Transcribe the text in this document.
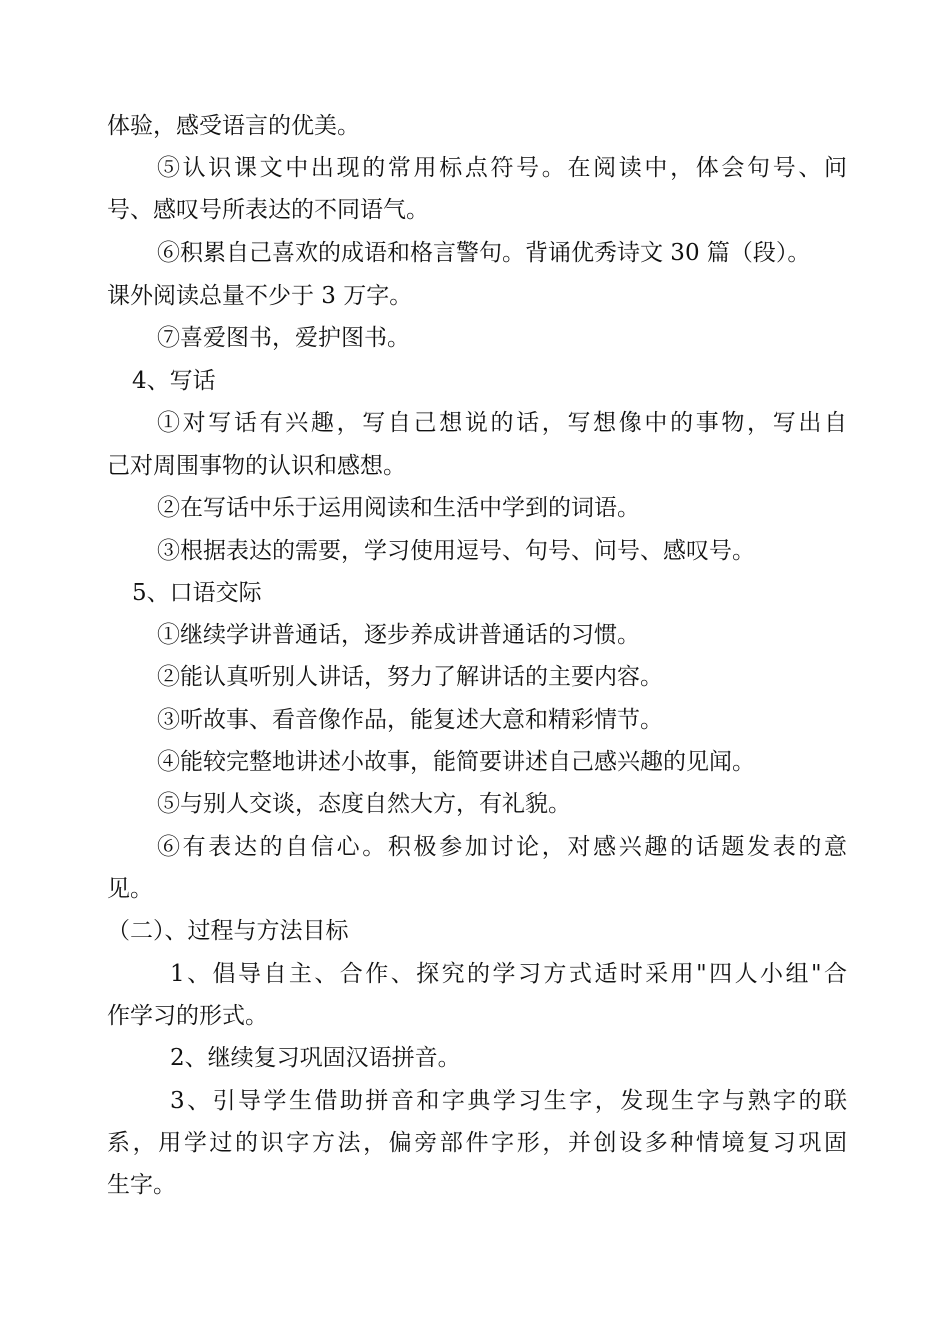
体验，感受语言的优美。
⑤认识课文中出现的常用标点符号。在阅读中，体会句号、问
号、感叹号所表达的不同语气。
⑥积累自己喜欢的成语和格言警句。背诵优秀诗文 30 篇（段）。
课外阅读总量不少于 3 万字。
⑦喜爱图书，爱护图书。
4、写话
①对写话有兴趣，写自己想说的话，写想像中的事物，写出自
己对周围事物的认识和感想。
②在写话中乐于运用阅读和生活中学到的词语。
③根据表达的需要，学习使用逗号、句号、问号、感叹号。
5、口语交际
①继续学讲普通话，逐步养成讲普通话的习惯。
②能认真听别人讲话，努力了解讲话的主要内容。
③听故事、看音像作品，能复述大意和精彩情节。
④能较完整地讲述小故事，能简要讲述自己感兴趣的见闻。
⑤与别人交谈，态度自然大方，有礼貌。
⑥有表达的自信心。积极参加讨论，对感兴趣的话题发表的意
见。
（二）、过程与方法目标
1、倡导自主、合作、探究的学习方式适时采用"四人小组"合
作学习的形式。
2、继续复习巩固汉语拼音。
3、引导学生借助拼音和字典学习生字，发现生字与熟字的联
系，用学过的识字方法，偏旁部件字形，并创设多种情境复习巩固
生字。
